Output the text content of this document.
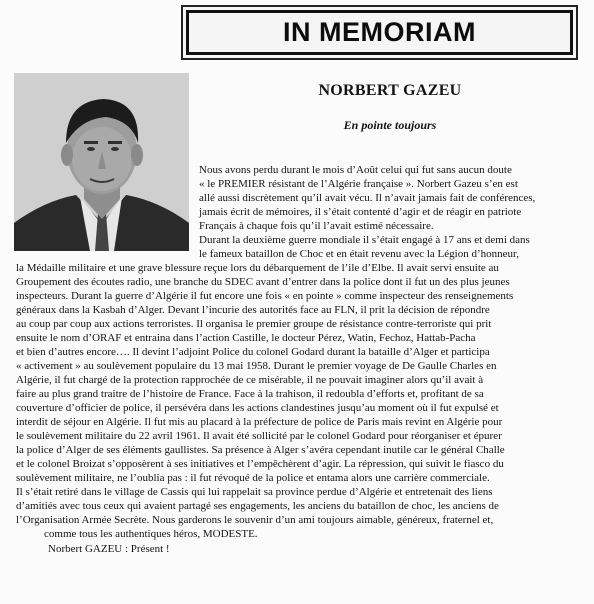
IN MEMORIAM
NORBERT GAZEU
En pointe toujours
Nous avons perdu durant le mois d’Août celui qui fut sans aucun doute
« le PREMIER résistant de l’Algérie française ». Norbert Gazeu s’en est
allé aussi discrètement qu’il avait vécu. Il n’avait jamais fait de conférences,
jamais écrit de mémoires, il s’était contenté d’agir et de réagir en patriote
Français à chaque fois qu’il l’avait estimé nécessaire.
Durant la deuxième guerre mondiale il s’était engagé à 17 ans et demi dans
le fameux bataillon de Choc et en était revenu avec la Légion d’honneur,
la Médaille militaire et une grave blessure reçue lors du débarquement de l’ile d’Elbe. Il avait servi ensuite au
Groupement des écoutes radio, une branche du SDEC avant d’entrer dans la police dont il fut un des plus jeunes
inspecteurs. Durant la guerre d’Algérie il fut encore une fois « en pointe » comme inspecteur des renseignements
généraux dans la Kasbah d’Alger. Devant l’incurie des autorités face au FLN, il prit la décision de répondre
au coup par coup aux actions terroristes. Il organisa le premier groupe de résistance contre-terroriste qui prit
ensuite le nom d’ORAF et entraina dans l’action Castille, le docteur Pérez, Watin, Fechoz, Hattab-Pacha
et bien d’autres encore…. Il devint l’adjoint Police du colonel Godard durant la bataille d’Alger et participa
« activement » au soulèvement populaire du 13 mai 1958. Durant le premier voyage de De Gaulle Charles en
Algérie, il fut chargé de la protection rapprochée de ce misérable, il ne pouvait imaginer alors qu’il avait à
faire au plus grand traitre de l’histoire de France. Face à la trahison, il redoubla d’efforts et, profitant de sa
couverture d’officier de police, il persévéra dans les actions clandestines jusqu’au moment où il fut expulsé et
interdit de séjour en Algérie. Il fut mis au placard à la préfecture de police de Paris mais revint en Algérie pour
le soulèvement militaire du 22 avril 1961. Il avait été sollicité par le colonel Godard pour réorganiser et épurer
la police d’Alger de ses éléments gaullistes. Sa présence à Alger s’avéra cependant inutile car le général Challe
et le colonel Broizat s’opposèrent à ses initiatives et l’empêchèrent d’agir. La répression, qui suivit le fiasco du
soulèvement militaire, ne l’oublia pas : il fut révoqué de la police et entama alors une carrière commerciale.
Il s’était retiré dans le village de Cassis qui lui rappelait sa province perdue d’Algérie et entretenait des liens
d’amitiés avec tous ceux qui avaient partagé ses engagements, les anciens du bataillon de choc, les anciens de
l’Organisation Armée Secrète. Nous garderons le souvenir d’un ami toujours aimable, généreux, fraternel et,
comme tous les authentiques héros, MODESTE.
Norbert GAZEU : Présent !
